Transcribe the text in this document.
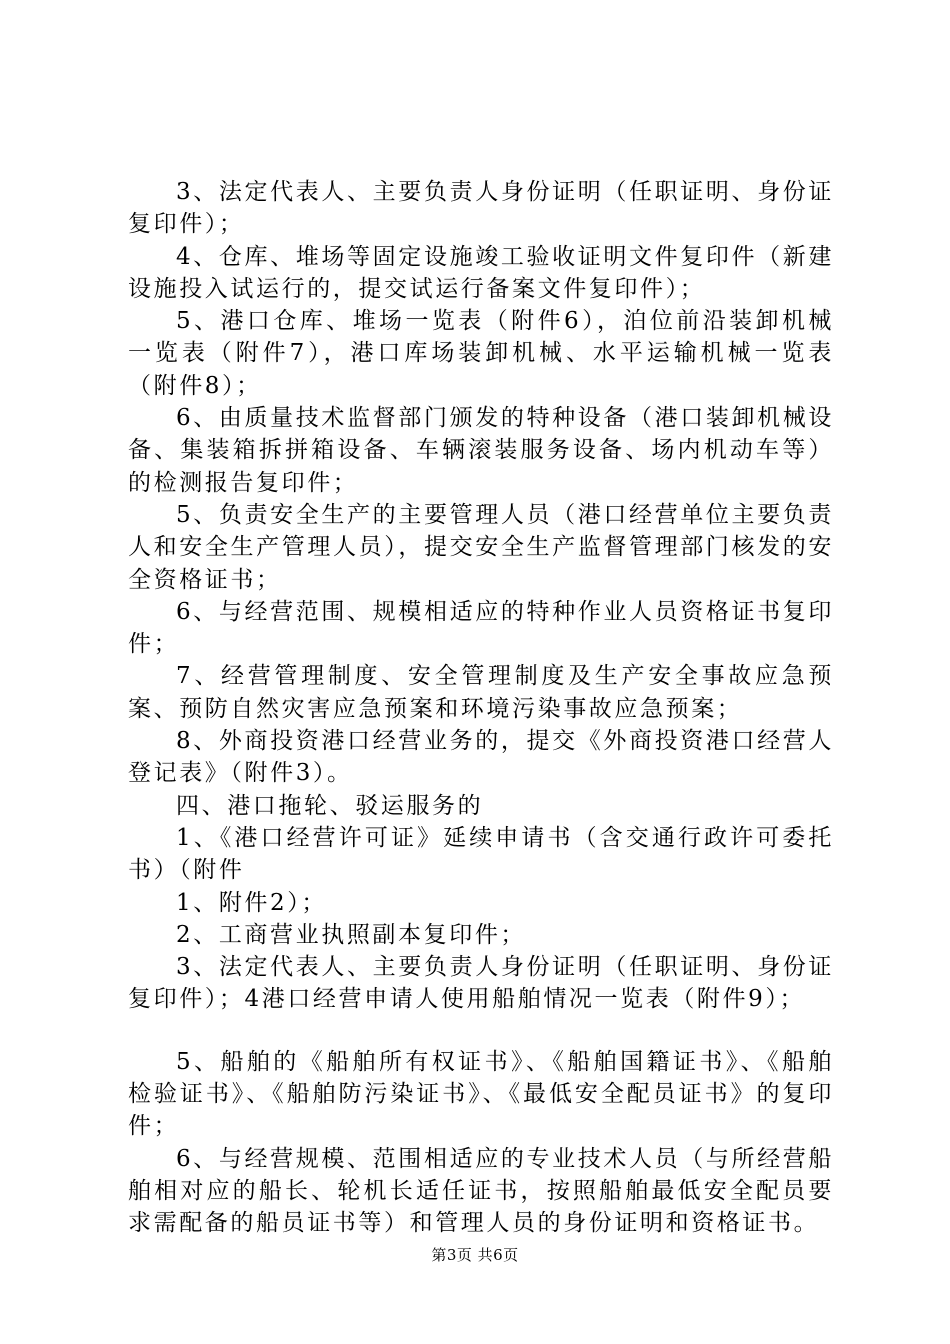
3、法定代表人、主要负责人身份证明（任职证明、身份证复印件）；

4、仓库、堆场等固定设施竣工验收证明文件复印件（新建设施投入试运行的，提交试运行备案文件复印件）；

5、港口仓库、堆场一览表（附件6），泊位前沿装卸机械一览表（附件7），港口库场装卸机械、水平运输机械一览表（附件8）；

6、由质量技术监督部门颁发的特种设备（港口装卸机械设备、集装箱拆拼箱设备、车辆滚装服务设备、场内机动车等）的检测报告复印件；

5、负责安全生产的主要管理人员（港口经营单位主要负责人和安全生产管理人员），提交安全生产监督管理部门核发的安全资格证书；

6、与经营范围、规模相适应的特种作业人员资格证书复印件；

7、经营管理制度、安全管理制度及生产安全事故应急预案、预防自然灾害应急预案和环境污染事故应急预案；

8、外商投资港口经营业务的，提交《外商投资港口经营人登记表》（附件3）。

四、港口拖轮、驳运服务的

1、《港口经营许可证》延续申请书（含交通行政许可委托书）（附件

1、附件2）；

2、工商营业执照副本复印件；

3、法定代表人、主要负责人身份证明（任职证明、身份证复印件）；4港口经营申请人使用船舶情况一览表（附件9）；

5、船舶的《船舶所有权证书》、《船舶国籍证书》、《船舶检验证书》、《船舶防污染证书》、《最低安全配员证书》的复印件；

6、与经营规模、范围相适应的专业技术人员（与所经营船舶相对应的船长、轮机长适任证书，按照船舶最低安全配员要求需配备的船员证书等）和管理人员的身份证明和资格证书。

第3页 共6页
